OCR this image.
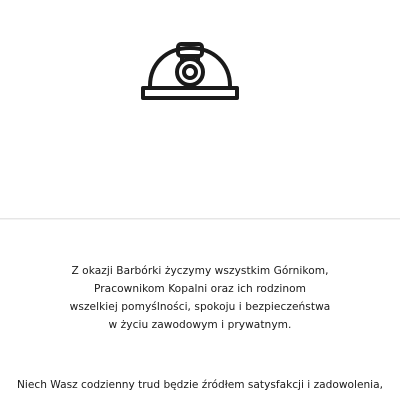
Z okazji Barbórki życzymy wszystkim Górnikom,
Pracownikom Kopalni oraz ich rodzinom
wszelkiej pomyślności, spokoju i bezpieczeństwa
w życiu zawodowym i prywatnym.
Niech Wasz codzienny trud będzie źródłem satysfakcji i zadowolenia,
